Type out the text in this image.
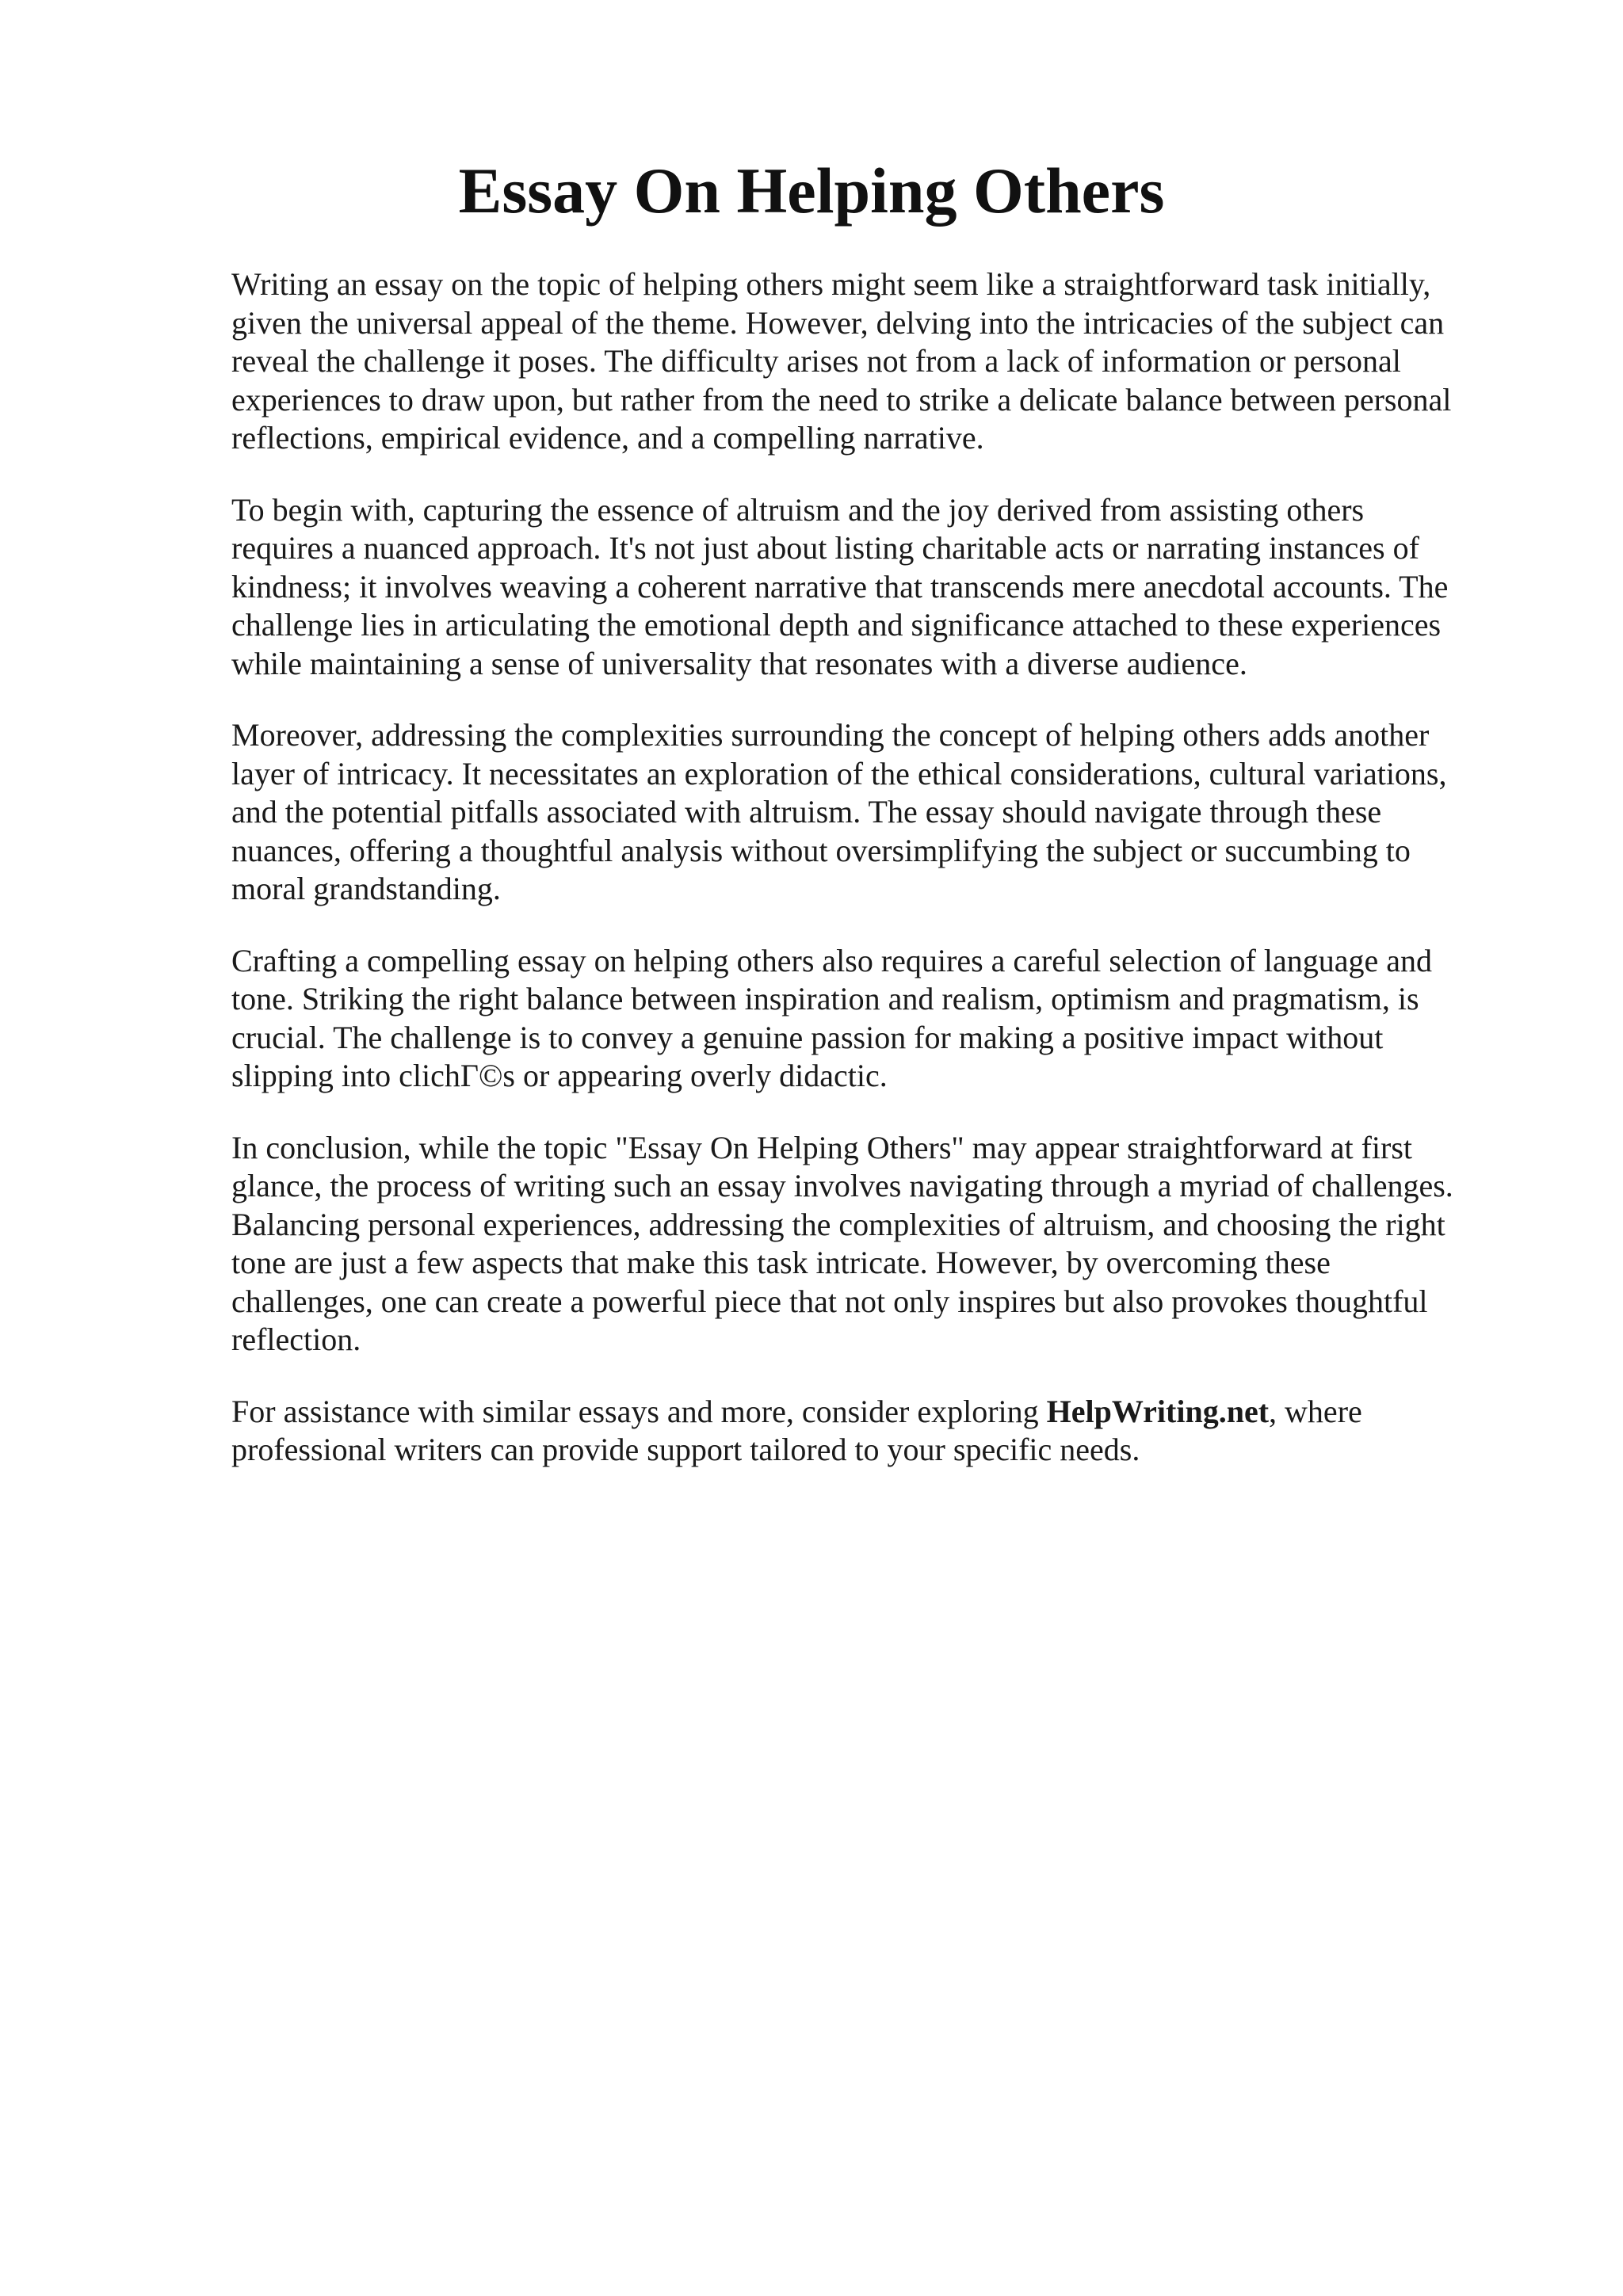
Essay On Helping Others

Writing an essay on the topic of helping others might seem like a straightforward task initially,
given the universal appeal of the theme. However, delving into the intricacies of the subject can
reveal the challenge it poses. The difficulty arises not from a lack of information or personal
experiences to draw upon, but rather from the need to strike a delicate balance between personal
reflections, empirical evidence, and a compelling narrative.

To begin with, capturing the essence of altruism and the joy derived from assisting others
requires a nuanced approach. It's not just about listing charitable acts or narrating instances of
kindness; it involves weaving a coherent narrative that transcends mere anecdotal accounts. The
challenge lies in articulating the emotional depth and significance attached to these experiences
while maintaining a sense of universality that resonates with a diverse audience.

Moreover, addressing the complexities surrounding the concept of helping others adds another
layer of intricacy. It necessitates an exploration of the ethical considerations, cultural variations,
and the potential pitfalls associated with altruism. The essay should navigate through these
nuances, offering a thoughtful analysis without oversimplifying the subject or succumbing to
moral grandstanding.

Crafting a compelling essay on helping others also requires a careful selection of language and
tone. Striking the right balance between inspiration and realism, optimism and pragmatism, is
crucial. The challenge is to convey a genuine passion for making a positive impact without
slipping into clichΓ©s or appearing overly didactic.

In conclusion, while the topic "Essay On Helping Others" may appear straightforward at first
glance, the process of writing such an essay involves navigating through a myriad of challenges.
Balancing personal experiences, addressing the complexities of altruism, and choosing the right
tone are just a few aspects that make this task intricate. However, by overcoming these
challenges, one can create a powerful piece that not only inspires but also provokes thoughtful
reflection.

For assistance with similar essays and more, consider exploring HelpWriting.net, where
professional writers can provide support tailored to your specific needs.
